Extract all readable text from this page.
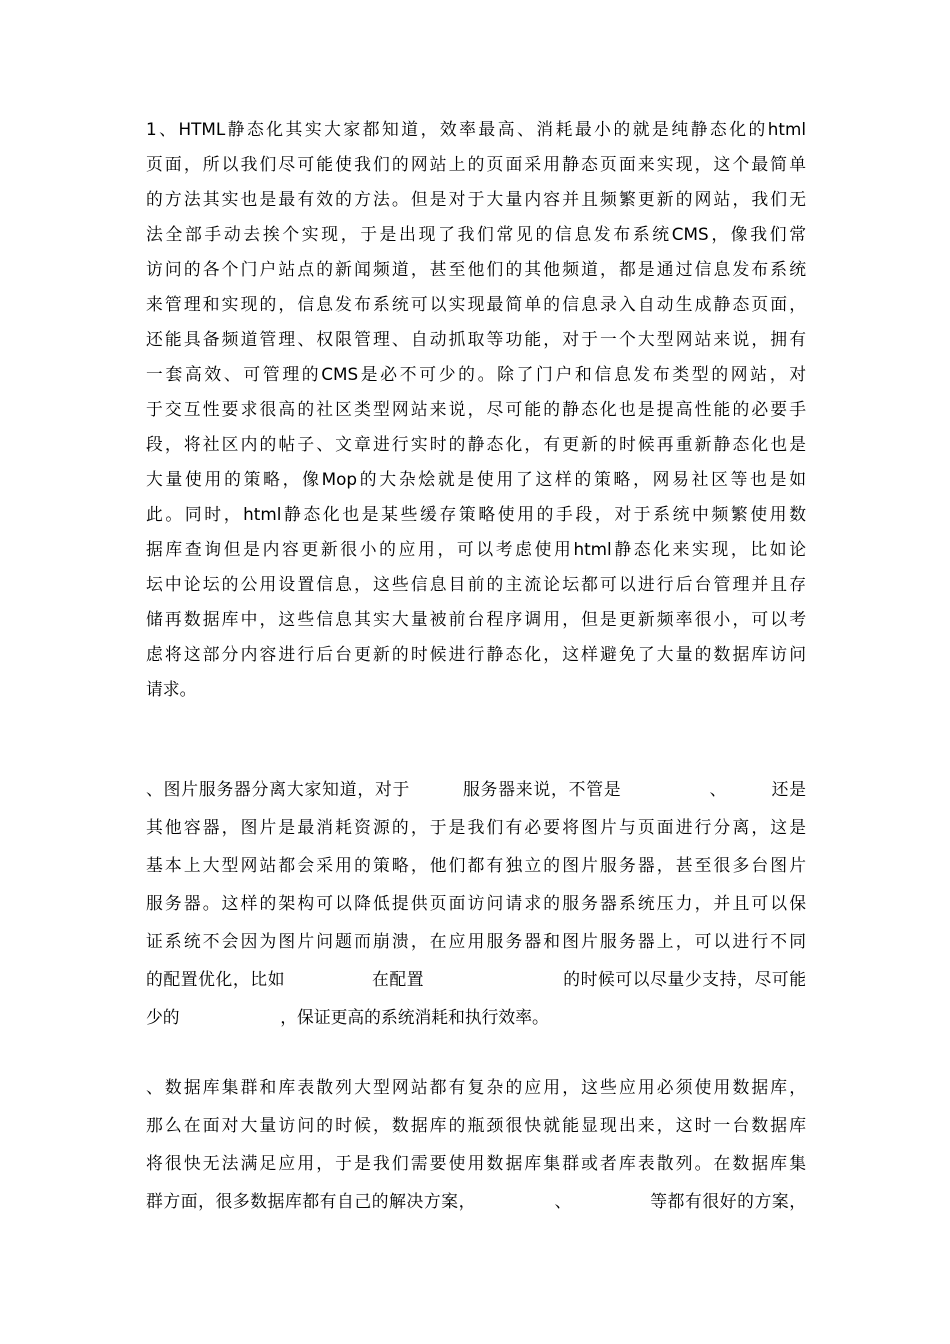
1、HTML静态化其实大家都知道，效率最高、消耗最小的就是纯静态化的html
页面，所以我们尽可能使我们的网站上的页面采用静态页面来实现，这个最简单
的方法其实也是最有效的方法。但是对于大量内容并且频繁更新的网站，我们无
法全部手动去挨个实现，于是出现了我们常见的信息发布系统CMS，像我们常
访问的各个门户站点的新闻频道，甚至他们的其他频道，都是通过信息发布系统
来管理和实现的，信息发布系统可以实现最简单的信息录入自动生成静态页面，
还能具备频道管理、权限管理、自动抓取等功能，对于一个大型网站来说，拥有
一套高效、可管理的CMS是必不可少的。除了门户和信息发布类型的网站，对
于交互性要求很高的社区类型网站来说，尽可能的静态化也是提高性能的必要手
段，将社区内的帖子、文章进行实时的静态化，有更新的时候再重新静态化也是
大量使用的策略，像Mop的大杂烩就是使用了这样的策略，网易社区等也是如
此。同时，html静态化也是某些缓存策略使用的手段，对于系统中频繁使用数
据库查询但是内容更新很小的应用，可以考虑使用html静态化来实现，比如论
坛中论坛的公用设置信息，这些信息目前的主流论坛都可以进行后台管理并且存
储再数据库中，这些信息其实大量被前台程序调用，但是更新频率很小，可以考
虑将这部分内容进行后台更新的时候进行静态化，这样避免了大量的数据库访问
请求。
、图片服务器分离大家知道，对于　　　服务器来说，不管是　　　　　、　　　还是
其他容器，图片是最消耗资源的，于是我们有必要将图片与页面进行分离，这是
基本上大型网站都会采用的策略，他们都有独立的图片服务器，甚至很多台图片
服务器。这样的架构可以降低提供页面访问请求的服务器系统压力，并且可以保
证系统不会因为图片问题而崩溃，在应用服务器和图片服务器上，可以进行不同
的配置优化，比如　　　　　在配置　　　　　　　　的时候可以尽量少支持，尽可能
少的　　　　　　，保证更高的系统消耗和执行效率。
、数据库集群和库表散列大型网站都有复杂的应用，这些应用必须使用数据库，
那么在面对大量访问的时候，数据库的瓶颈很快就能显现出来，这时一台数据库
将很快无法满足应用，于是我们需要使用数据库集群或者库表散列。在数据库集
群方面，很多数据库都有自己的解决方案，　　　　　、　　　　　等都有很好的方案，
